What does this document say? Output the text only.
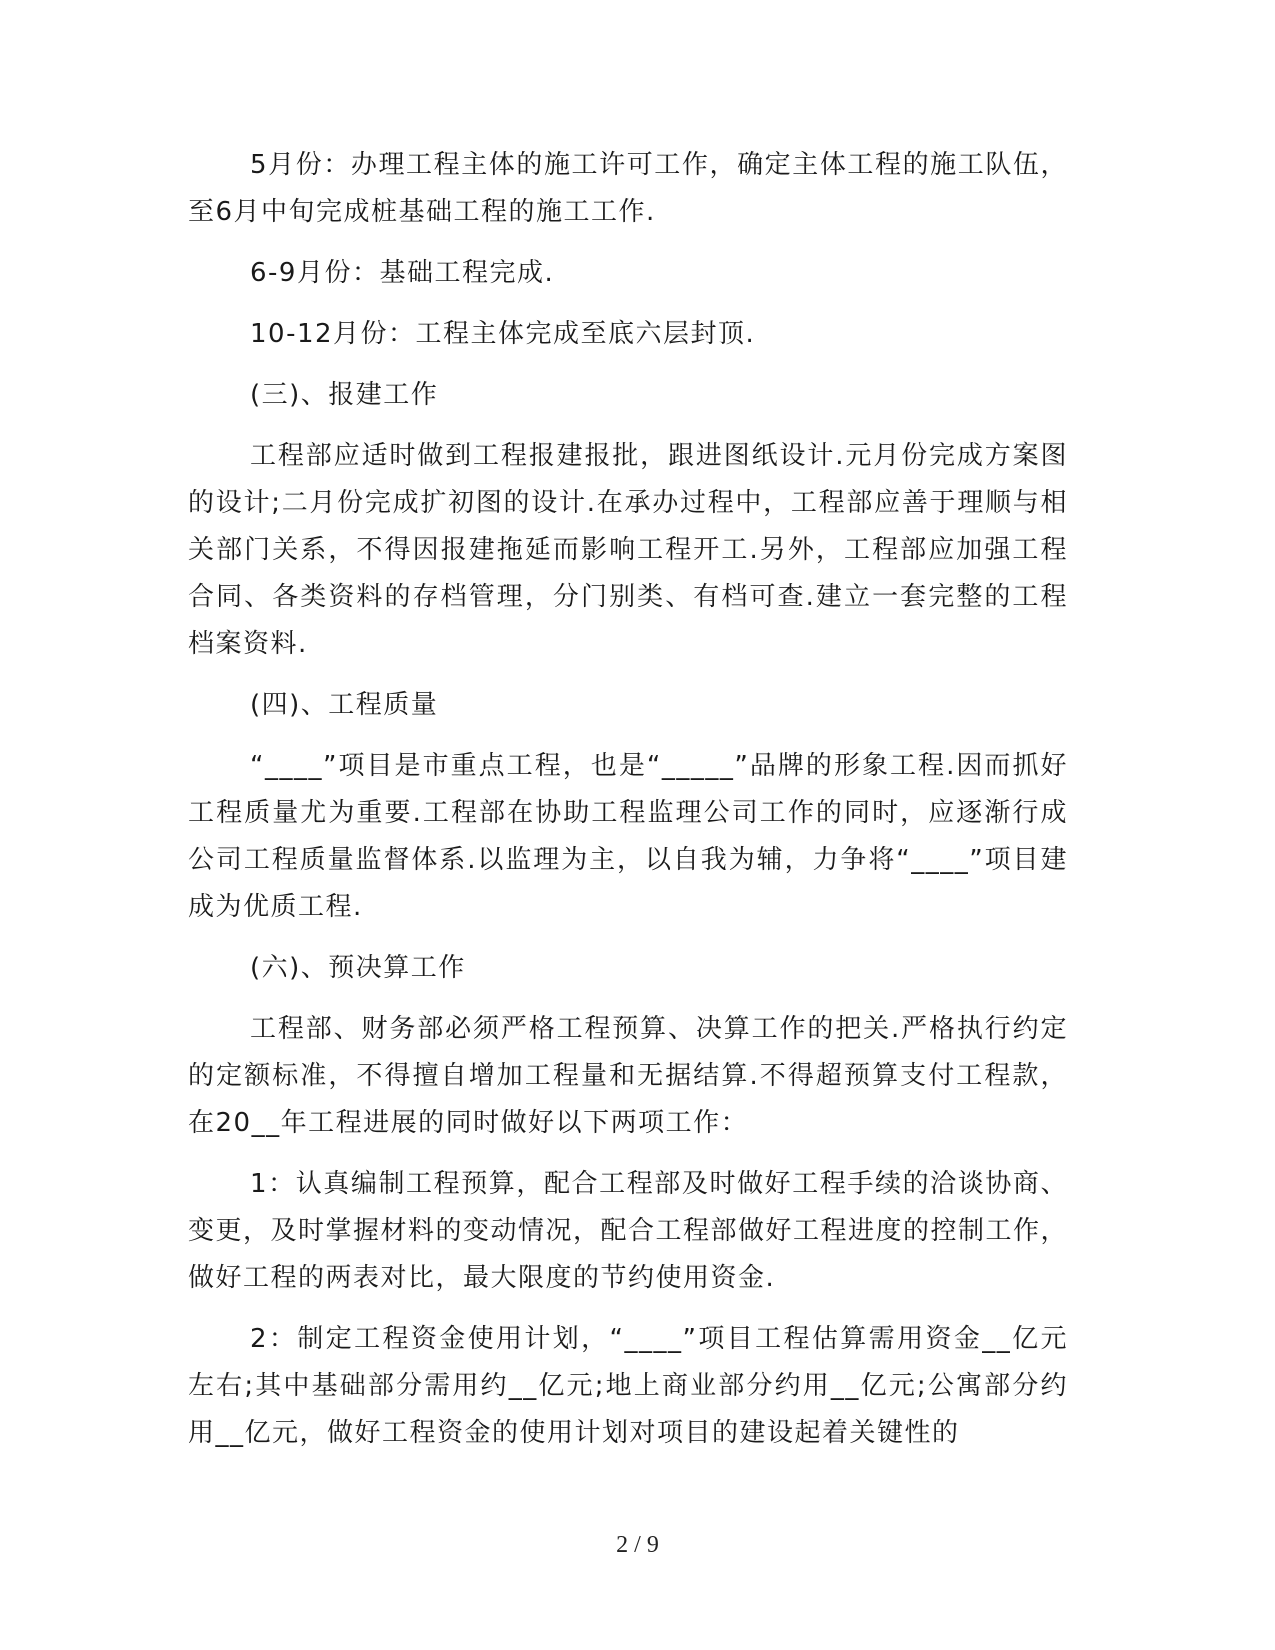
5月份：办理工程主体的施工许可工作，确定主体工程的施工队伍，至6月中旬完成桩基础工程的施工工作.

6-9月份：基础工程完成.

10-12月份：工程主体完成至底六层封顶.

(三)、报建工作

工程部应适时做到工程报建报批，跟进图纸设计.元月份完成方案图的设计;二月份完成扩初图的设计.在承办过程中，工程部应善于理顺与相关部门关系，不得因报建拖延而影响工程开工.另外，工程部应加强工程合同、各类资料的存档管理，分门别类、有档可查.建立一套完整的工程档案资料.

(四)、工程质量

“____”项目是市重点工程，也是“_____”品牌的形象工程.因而抓好工程质量尤为重要.工程部在协助工程监理公司工作的同时，应逐渐行成公司工程质量监督体系.以监理为主，以自我为辅，力争将“____”项目建成为优质工程.

(六)、预决算工作

工程部、财务部必须严格工程预算、决算工作的把关.严格执行约定的定额标准，不得擅自增加工程量和无据结算.不得超预算支付工程款，在20__年工程进展的同时做好以下两项工作：

1：认真编制工程预算，配合工程部及时做好工程手续的洽谈协商、变更，及时掌握材料的变动情况，配合工程部做好工程进度的控制工作，做好工程的两表对比，最大限度的节约使用资金.

2：制定工程资金使用计划，“____”项目工程估算需用资金__亿元左右;其中基础部分需用约__亿元;地上商业部分约用__亿元;公寓部分约用__亿元，做好工程资金的使用计划对项目的建设起着关键性的

2 / 9
